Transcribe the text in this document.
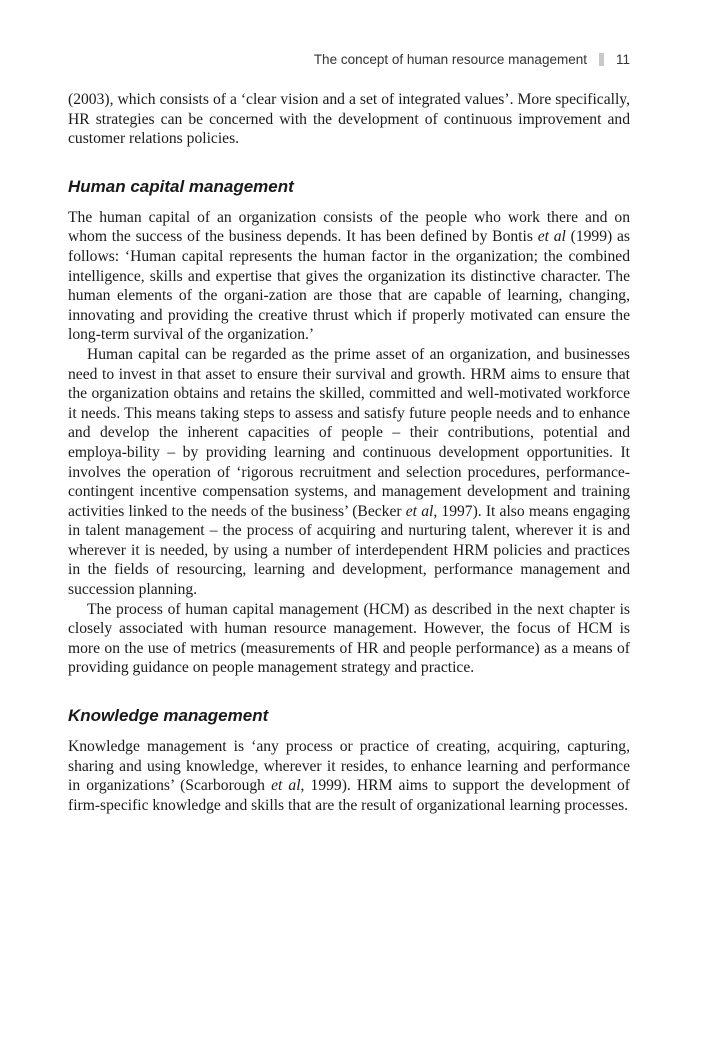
The concept of human resource management 11

(2003), which consists of a ‘clear vision and a set of integrated values’. More specifically, HR strategies can be concerned with the development of continuous improvement and customer relations policies.

Human capital management

The human capital of an organization consists of the people who work there and on whom the success of the business depends. It has been defined by Bontis et al (1999) as follows: ‘Human capital represents the human factor in the organization; the combined intelligence, skills and expertise that gives the organization its distinctive character. The human elements of the organi-zation are those that are capable of learning, changing, innovating and providing the creative thrust which if properly motivated can ensure the long-term survival of the organization.’

Human capital can be regarded as the prime asset of an organization, and businesses need to invest in that asset to ensure their survival and growth. HRM aims to ensure that the organization obtains and retains the skilled, committed and well-motivated workforce it needs. This means taking steps to assess and satisfy future people needs and to enhance and develop the inherent capacities of people – their contributions, potential and employa-bility – by providing learning and continuous development opportunities. It involves the operation of ‘rigorous recruitment and selection procedures, performance-contingent incentive compensation systems, and management development and training activities linked to the needs of the business’ (Becker et al, 1997). It also means engaging in talent management – the process of acquiring and nurturing talent, wherever it is and wherever it is needed, by using a number of interdependent HRM policies and practices in the fields of resourcing, learning and development, performance management and succession planning.

The process of human capital management (HCM) as described in the next chapter is closely associated with human resource management. However, the focus of HCM is more on the use of metrics (measurements of HR and people performance) as a means of providing guidance on people management strategy and practice.

Knowledge management

Knowledge management is ‘any process or practice of creating, acquiring, capturing, sharing and using knowledge, wherever it resides, to enhance learning and performance in organizations’ (Scarborough et al, 1999). HRM aims to support the development of firm-specific knowledge and skills that are the result of organizational learning processes.
